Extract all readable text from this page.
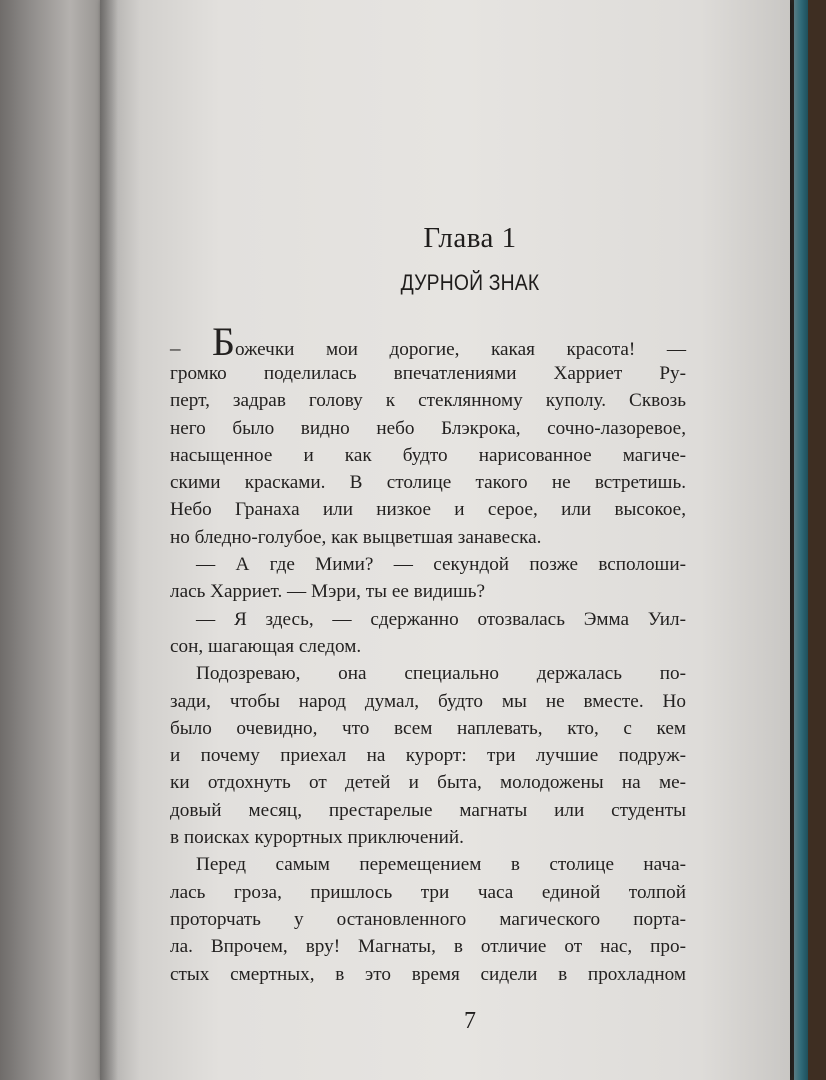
Глава 1
ДУРНОЙ ЗНАК
– Божечки мои дорогие, какая красота! —
громко поделилась впечатлениями Харриет Ру-
перт, задрав голову к стеклянному куполу. Сквозь
него было видно небо Блэкрока, сочно-лазоревое,
насыщенное и как будто нарисованное магиче-
скими красками. В столице такого не встретишь.
Небо Гранаха или низкое и серое, или высокое,
но бледно-голубое, как выцветшая занавеска.
— А где Мими? — секундой позже всполоши-
лась Харриет. — Мэри, ты ее видишь?
— Я здесь, — сдержанно отозвалась Эмма Уил-
сон, шагающая следом.
Подозреваю, она специально держалась по-
зади, чтобы народ думал, будто мы не вместе. Но
было очевидно, что всем наплевать, кто, с кем
и почему приехал на курорт: три лучшие подруж-
ки отдохнуть от детей и быта, молодожены на ме-
довый месяц, престарелые магнаты или студенты
в поисках курортных приключений.
Перед самым перемещением в столице нача-
лась гроза, пришлось три часа единой толпой
проторчать у остановленного магического порта-
ла. Впрочем, вру! Магнаты, в отличие от нас, про-
стых смертных, в это время сидели в прохладном
7
